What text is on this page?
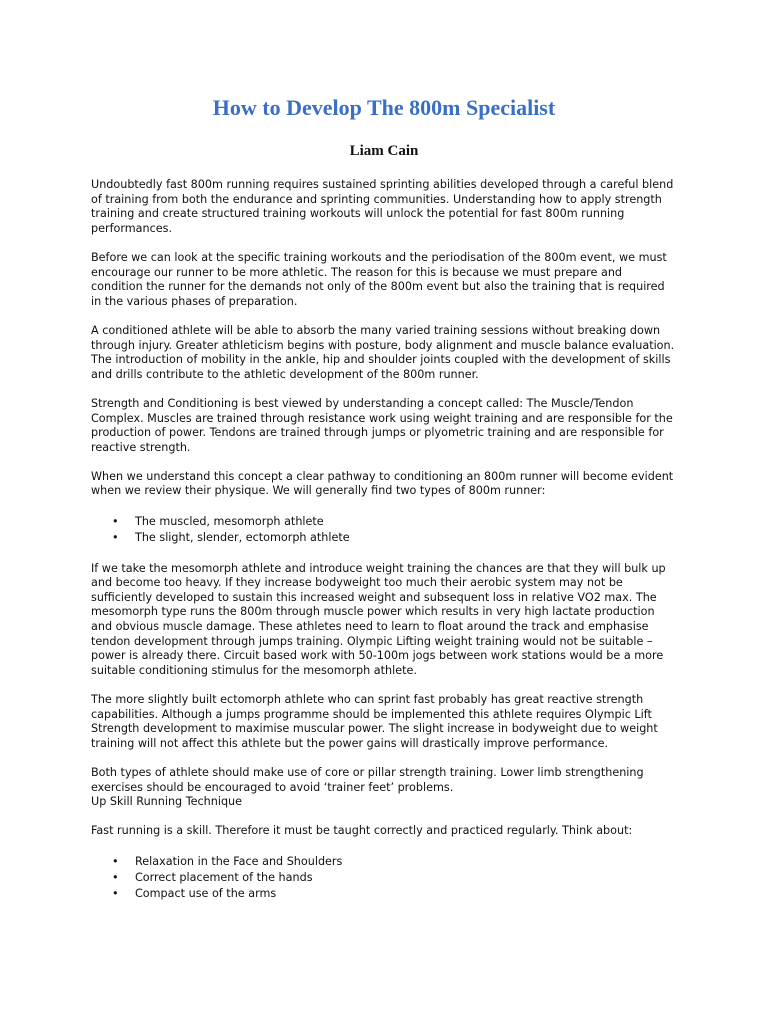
How to Develop The 800m Specialist
Liam Cain

Undoubtedly fast 800m running requires sustained sprinting abilities developed through a careful blend of training from both the endurance and sprinting communities. Understanding how to apply strength training and create structured training workouts will unlock the potential for fast 800m running performances.

Before we can look at the specific training workouts and the periodisation of the 800m event, we must encourage our runner to be more athletic. The reason for this is because we must prepare and condition the runner for the demands not only of the 800m event but also the training that is required in the various phases of preparation.

A conditioned athlete will be able to absorb the many varied training sessions without breaking down through injury. Greater athleticism begins with posture, body alignment and muscle balance evaluation. The introduction of mobility in the ankle, hip and shoulder joints coupled with the development of skills and drills contribute to the athletic development of the 800m runner.

Strength and Conditioning is best viewed by understanding a concept called: The Muscle/Tendon Complex. Muscles are trained through resistance work using weight training and are responsible for the production of power. Tendons are trained through jumps or plyometric training and are responsible for reactive strength.

When we understand this concept a clear pathway to conditioning an 800m runner will become evident when we review their physique. We will generally find two types of 800m runner:

• The muscled, mesomorph athlete
• The slight, slender, ectomorph athlete

If we take the mesomorph athlete and introduce weight training the chances are that they will bulk up and become too heavy. If they increase bodyweight too much their aerobic system may not be sufficiently developed to sustain this increased weight and subsequent loss in relative VO2 max. The mesomorph type runs the 800m through muscle power which results in very high lactate production and obvious muscle damage. These athletes need to learn to float around the track and emphasise tendon development through jumps training. Olympic Lifting weight training would not be suitable – power is already there. Circuit based work with 50-100m jogs between work stations would be a more suitable conditioning stimulus for the mesomorph athlete.

The more slightly built ectomorph athlete who can sprint fast probably has great reactive strength capabilities. Although a jumps programme should be implemented this athlete requires Olympic Lift Strength development to maximise muscular power. The slight increase in bodyweight due to weight training will not affect this athlete but the power gains will drastically improve performance.

Both types of athlete should make use of core or pillar strength training. Lower limb strengthening exercises should be encouraged to avoid ‘trainer feet’ problems.

Up Skill Running Technique

Fast running is a skill. Therefore it must be taught correctly and practiced regularly. Think about:

• Relaxation in the Face and Shoulders
• Correct placement of the hands
• Compact use of the arms
